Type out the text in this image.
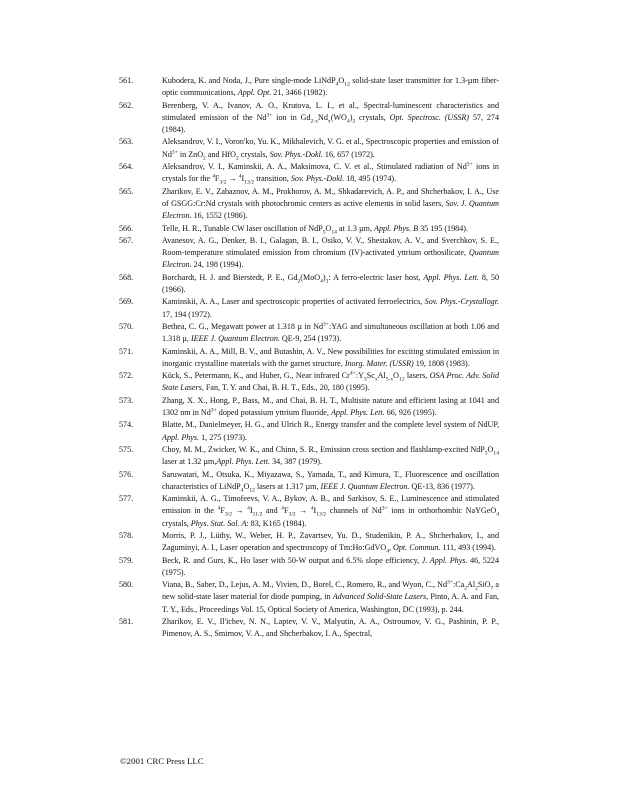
561.	Kubodera, K. and Noda, J., Pure single-mode $LiNdP_4O_{12}$ solid-state laser transmitter for 1.3-µm fiber-optic communications, Appl. Opt. 21, 3466 (1982).
562.	Berenberg, V. A., Ivanov, A. O., Krutova, L. I., et al., Spectral-luminescent characteristics and stimulated emission of the $Nd^{3+}$ ion in $Gd_{2-x}Nd_x(WO_4)_3$ crystals, Opt. Spectrosc. (USSR) 57, 274 (1984).
563.	Aleksandrov, V. I., Voron'ko, Yu. K., Mikhalevich, V. G. et al., Spectroscopic properties and emission of $Nd^{3+}$ in ZnO$_2$ and HfO$_2$ crystals, Sov. Phys.-Dokl. 16, 657 (1972).
564.	Aleksandrov, V. I., Kaminskii, A. A., Maksimova, C. V. et al., Stimulated radiation of $Nd^{3+}$ ions in crystals for the $^4F_{3/2} \to ^4I_{13/2}$ transition, Sov. Phys.-Dokl. 18, 495 (1974).
565.	Zharikov, E. V., Zabaznov, A. M., Prokhorov, A. M., Shkadarevich, A. P., and Shcherbakov, I. A., Use of GSGG:Cr:Nd crystals with photochromic centers as active elements in solid lasers, Sov. J. Quantum Electron. 16, 1552 (1986).
566.	Telle, H. R., Tunable CW laser oscillation of $NdP_5O_{14}$ at 1.3 µm, Appl. Phys. B 35 195 (1984).
567.	Avanesov, A. G., Denker, B. I., Galagan, B. I., Osiko, V. V., Shestakov, A. V., and Sverchkov, S. E., Room-temperature stimulated emission from chromium (IV)-activated yttrium orthosilicate, Quantum Electron. 24, 198 (1994).
568.	Borchardt, H. J. and Bierstedt, P. E., $Gd_2(MoO_4)_3$: A ferro-electric laser host, Appl. Phys. Lett. 8, 50 (1966).
569.	Kaminskii, A. A., Laser and spectroscopic properties of activated ferroelectrics, Sov. Phys.-Crystallogr. 17, 194 (1972).
570.	Bethea, C. G., Megawatt power at 1.318 µ in $Nd^{3+}:YAG$ and simultaneous oscillation at both 1.06 and 1.318 µ, IEEE J. Quantum Electron. QE-9, 254 (1973).
571.	Kaminskii, A. A., Mill, B. V., and Butashin, A. V., New possibilities for exciting stimulated emission in inorganic crystalline materials with the garnet structure, Inorg. Mater. (USSR) 19, 1808 (1983).
572.	Kück, S., Petermann, K., and Huber, G., Near infrared $Cr^{4+}:Y_3Sc_xAl_{5-x}O_{12}$ lasers, OSA Proc. Adv. Solid State Lasers, Fan, T. Y. and Chai, B. H. T., Eds., 20, 180 (1995).
573.	Zhang, X. X., Hong, P., Bass, M., and Chai, B. H. T., Multisite nature and efficient lasing at 1041 and 1302 nm in $Nd^{3+}$ doped potassium yttrium fluoride, Appl. Phys. Lett. 66, 926 (1995).
574.	Blatte, M., Danielmeyer, H. G., and Ulrich R., Energy transfer and the complete level system of NdUP, Appl. Phys. 1, 275 (1973).
575.	Choy, M. M., Zwicker, W. K., and Chinn, S. R., Emission cross section and flashlamp-excited $NdP_5O_{14}$ laser at 1.32 µm,Appl. Phys. Lett. 34, 387 (1979).
576.	Saruwatari, M., Otsuka, K., Miyazawa, S., Yamada, T., and Kimura, T., Fluorescence and oscillation characteristics of $LiNdP_4O_{12}$ lasers at 1.317 µm, IEEE J. Quantum Electron. QE-13, 836 (1977).
577.	Kaminskii, A. G., Timofeevs, V. A., Bykov, A. B., and Sarkisov, S. E., Luminescence and stimulated emission in the $^4F_{3/2} \to ^4I_{11/2}$ and $^4F_{3/2} \to ^4I_{13/2}$ channels of $Nd^{3+}$ ions in orthorhombic NaYGeO$_4$ crystals, Phys. Stat. Sol. A: 83, K165 (1984).
578.	Morris, P. J., Lüthy, W., Weber, H. P., Zavartsev, Yu. D., Studenikin, P. A., Shcherbakov, I., and Zaguminyi, A. I., Laser operation and spectroscopy of Tm:Ho:GdVO$_4$, Opt. Commun. 111, 493 (1994).
579.	Beck, R. and Gurs, K., Ho laser with 50-W output and 6.5% slope efficiency, J. Appl. Phys. 46, 5224 (1975).
580.	Viana, B., Saber, D., Lejus, A. M., Vivien, D., Borel, C., Romero, R., and Wyon, C., $Nd^{3+}:Ca_2Al_2SiO_7$ a new solid-state laser material for diode pumping, in Advanced Solid-State Lasers, Pinto, A. A. and Fan, T. Y., Eds., Proceedings Vol. 15, Optical Society of America, Washington, DC (1993), p. 244.
581.	Zharikov, E. V., Il'ichev, N. N., Laptev, V. V., Malyutin, A. A., Ostroumov, V. G., Pashinin, P. P., Pimenov, A. S., Smirnov, V. A., and Shcherbakov, I. A., Spectral,
©2001 CRC Press LLC
